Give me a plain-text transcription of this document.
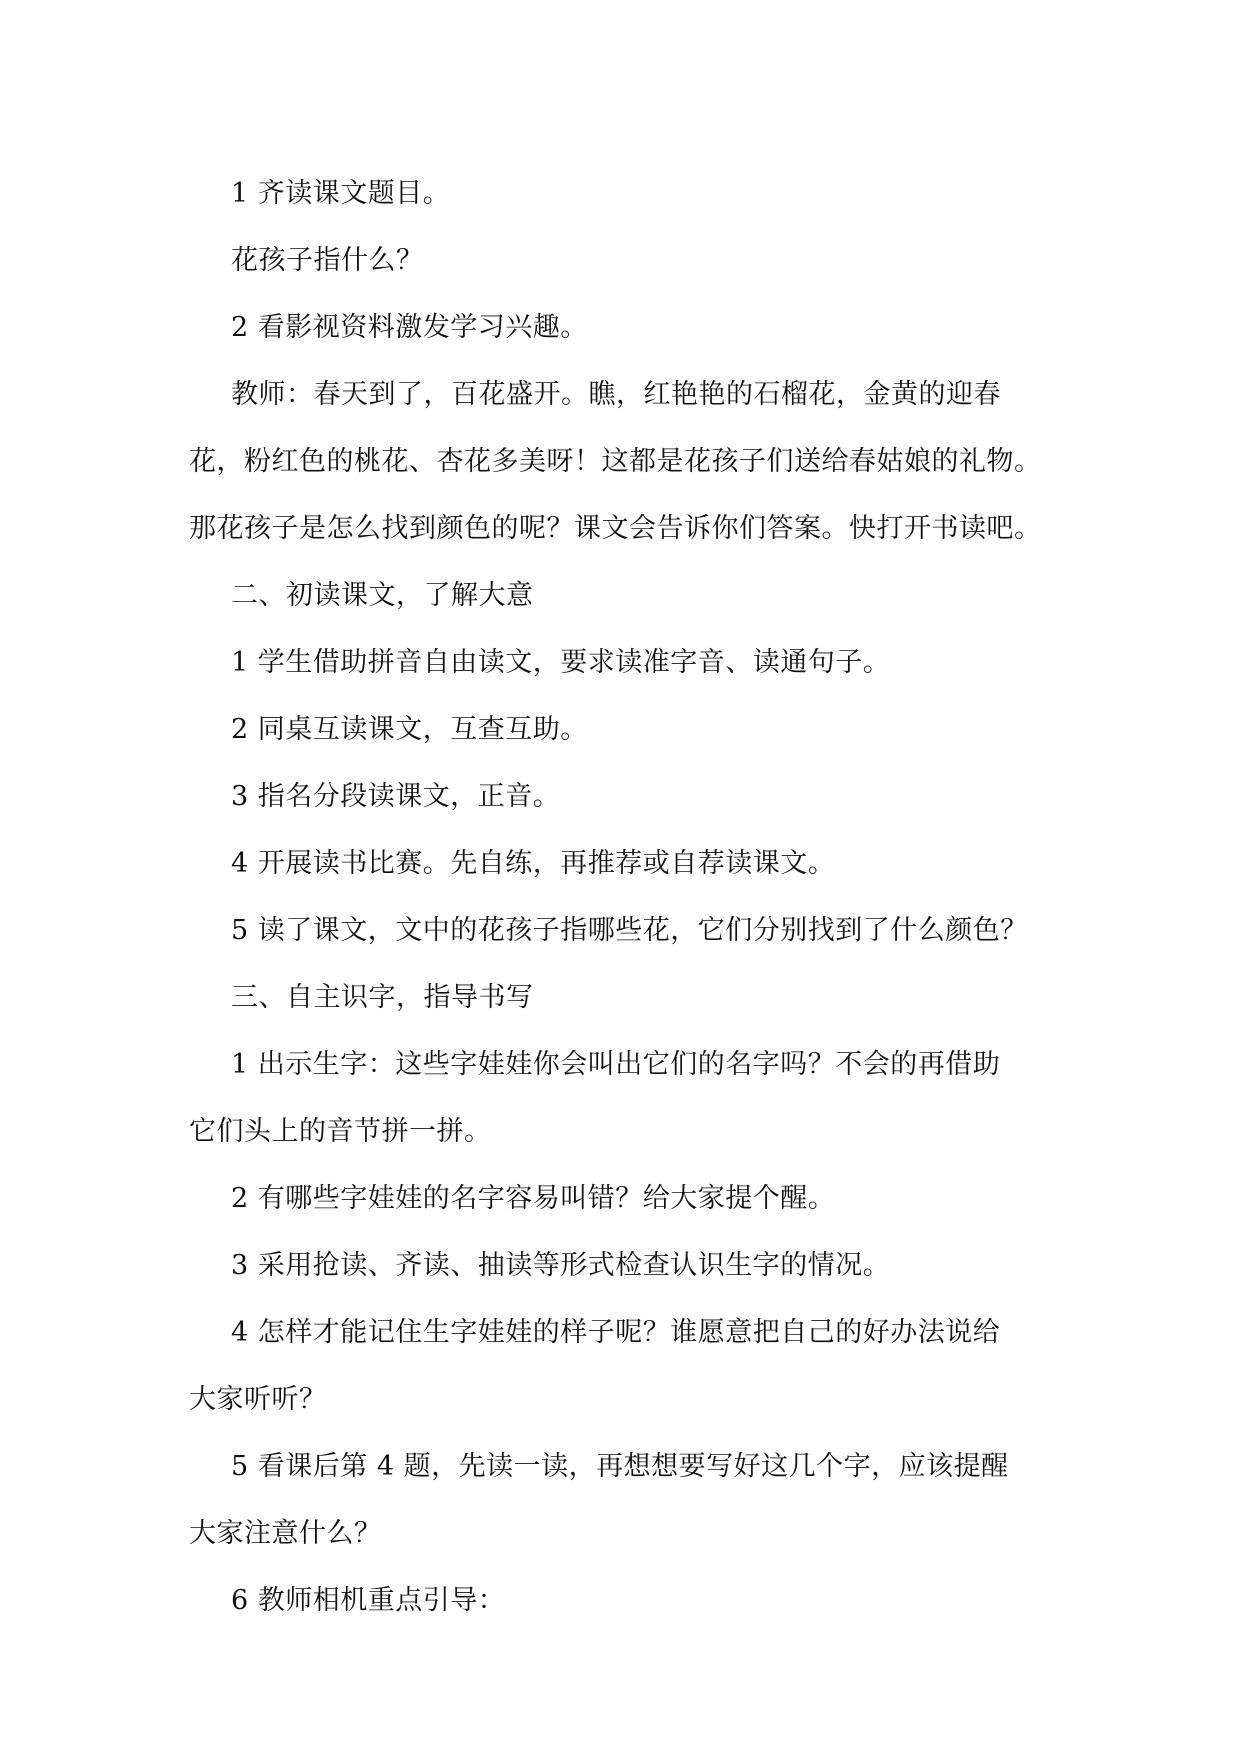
1 齐读课文题目。

花孩子指什么？

2 看影视资料激发学习兴趣。

教师：春天到了，百花盛开。瞧，红艳艳的石榴花，金黄的迎春

花，粉红色的桃花、杏花多美呀！这都是花孩子们送给春姑娘的礼物。

那花孩子是怎么找到颜色的呢？课文会告诉你们答案。快打开书读吧。

二、初读课文，了解大意

1 学生借助拼音自由读文，要求读准字音、读通句子。

2 同桌互读课文，互查互助。

3 指名分段读课文，正音。

4 开展读书比赛。先自练，再推荐或自荐读课文。

5 读了课文，文中的花孩子指哪些花，它们分别找到了什么颜色？

三、自主识字，指导书写

1 出示生字：这些字娃娃你会叫出它们的名字吗？不会的再借助

它们头上的音节拼一拼。

2 有哪些字娃娃的名字容易叫错？给大家提个醒。

3 采用抢读、齐读、抽读等形式检查认识生字的情况。

4 怎样才能记住生字娃娃的样子呢？谁愿意把自己的好办法说给

大家听听？

5 看课后第 4 题，先读一读，再想想要写好这几个字，应该提醒

大家注意什么？

6 教师相机重点引导：
